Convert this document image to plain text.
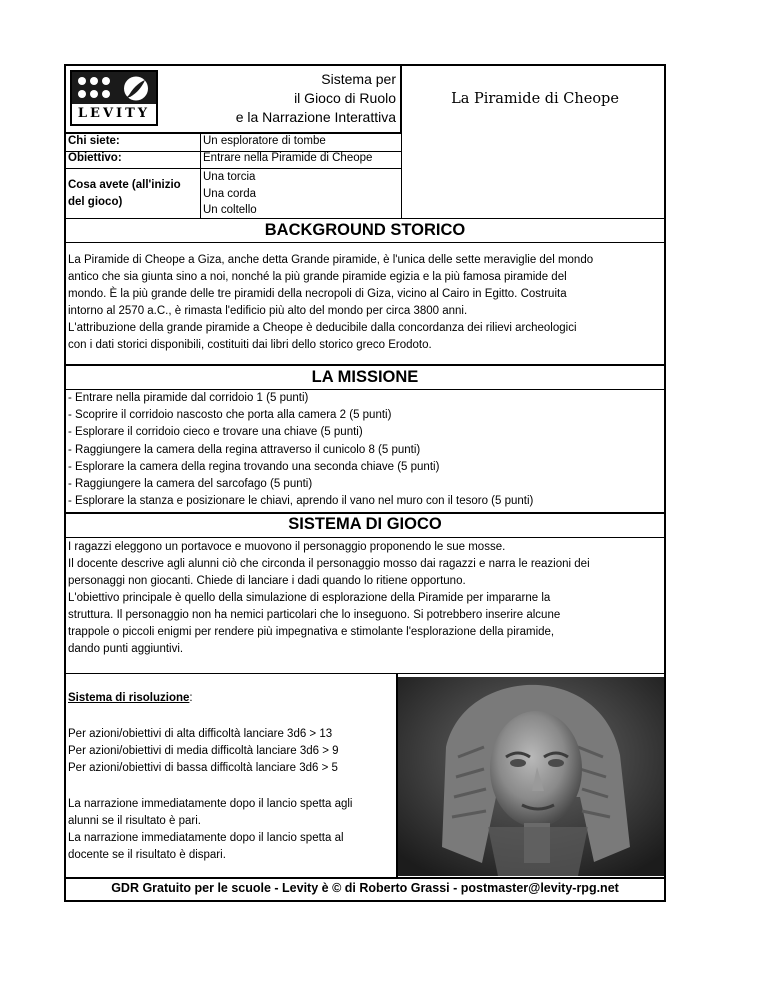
LEVITY
Sistema per
il Gioco di Ruolo
e la Narrazione Interattiva
La Piramide di Cheope
Chi siete:	Un esploratore di tombe
Obiettivo:	Entrare nella Piramide di Cheope
Cosa avete (all'inizio
del gioco)
Una torcia
Una corda
Un coltello
BACKGROUND STORICO
La Piramide di Cheope a Giza, anche detta Grande piramide, è l'unica delle sette meraviglie del mondo
antico che sia giunta sino a noi, nonché la più grande piramide egizia e la più famosa piramide del
mondo. È la più grande delle tre piramidi della necropoli di Giza, vicino al Cairo in Egitto. Costruita
intorno al 2570 a.C., è rimasta l'edificio più alto del mondo per circa 3800 anni.
L'attribuzione della grande piramide a Cheope è deducibile dalla concordanza dei rilievi archeologici
con i dati storici disponibili, costituiti dai libri dello storico greco Erodoto.
LA MISSIONE
- Entrare nella piramide dal corridoio 1 (5 punti)
- Scoprire il corridoio nascosto che porta alla camera 2 (5 punti)
- Esplorare il corridoio cieco e trovare una chiave (5 punti)
- Raggiungere la camera della regina attraverso il cunicolo 8 (5 punti)
- Esplorare la camera della regina trovando una seconda chiave (5 punti)
- Raggiungere la camera del sarcofago (5 punti)
- Esplorare la stanza e posizionare le chiavi, aprendo il vano nel muro con il tesoro (5 punti)
SISTEMA DI GIOCO
I ragazzi eleggono un portavoce e muovono il personaggio proponendo le sue mosse.
Il docente descrive agli alunni ciò che circonda il personaggio mosso dai ragazzi e narra le reazioni dei
personaggi non giocanti. Chiede di lanciare i dadi quando lo ritiene opportuno.
L'obiettivo principale è quello della simulazione di esplorazione della Piramide per impararne la
struttura. Il personaggio non ha nemici particolari che lo inseguono. Si potrebbero inserire alcune
trappole o piccoli enigmi per rendere più impegnativa e stimolante l'esplorazione della piramide,
dando punti aggiuntivi.
Sistema di risoluzione:
Per azioni/obiettivi di alta difficoltà lanciare 3d6 > 13
Per azioni/obiettivi di media difficoltà lanciare 3d6 > 9
Per azioni/obiettivi di bassa difficoltà lanciare 3d6 > 5
La narrazione immediatamente dopo il lancio spetta agli
alunni se il risultato è pari.
La narrazione immediatamente dopo il lancio spetta al
docente se il risultato è dispari.
GDR Gratuito per le scuole - Levity è © di Roberto Grassi - postmaster@levity-rpg.net
